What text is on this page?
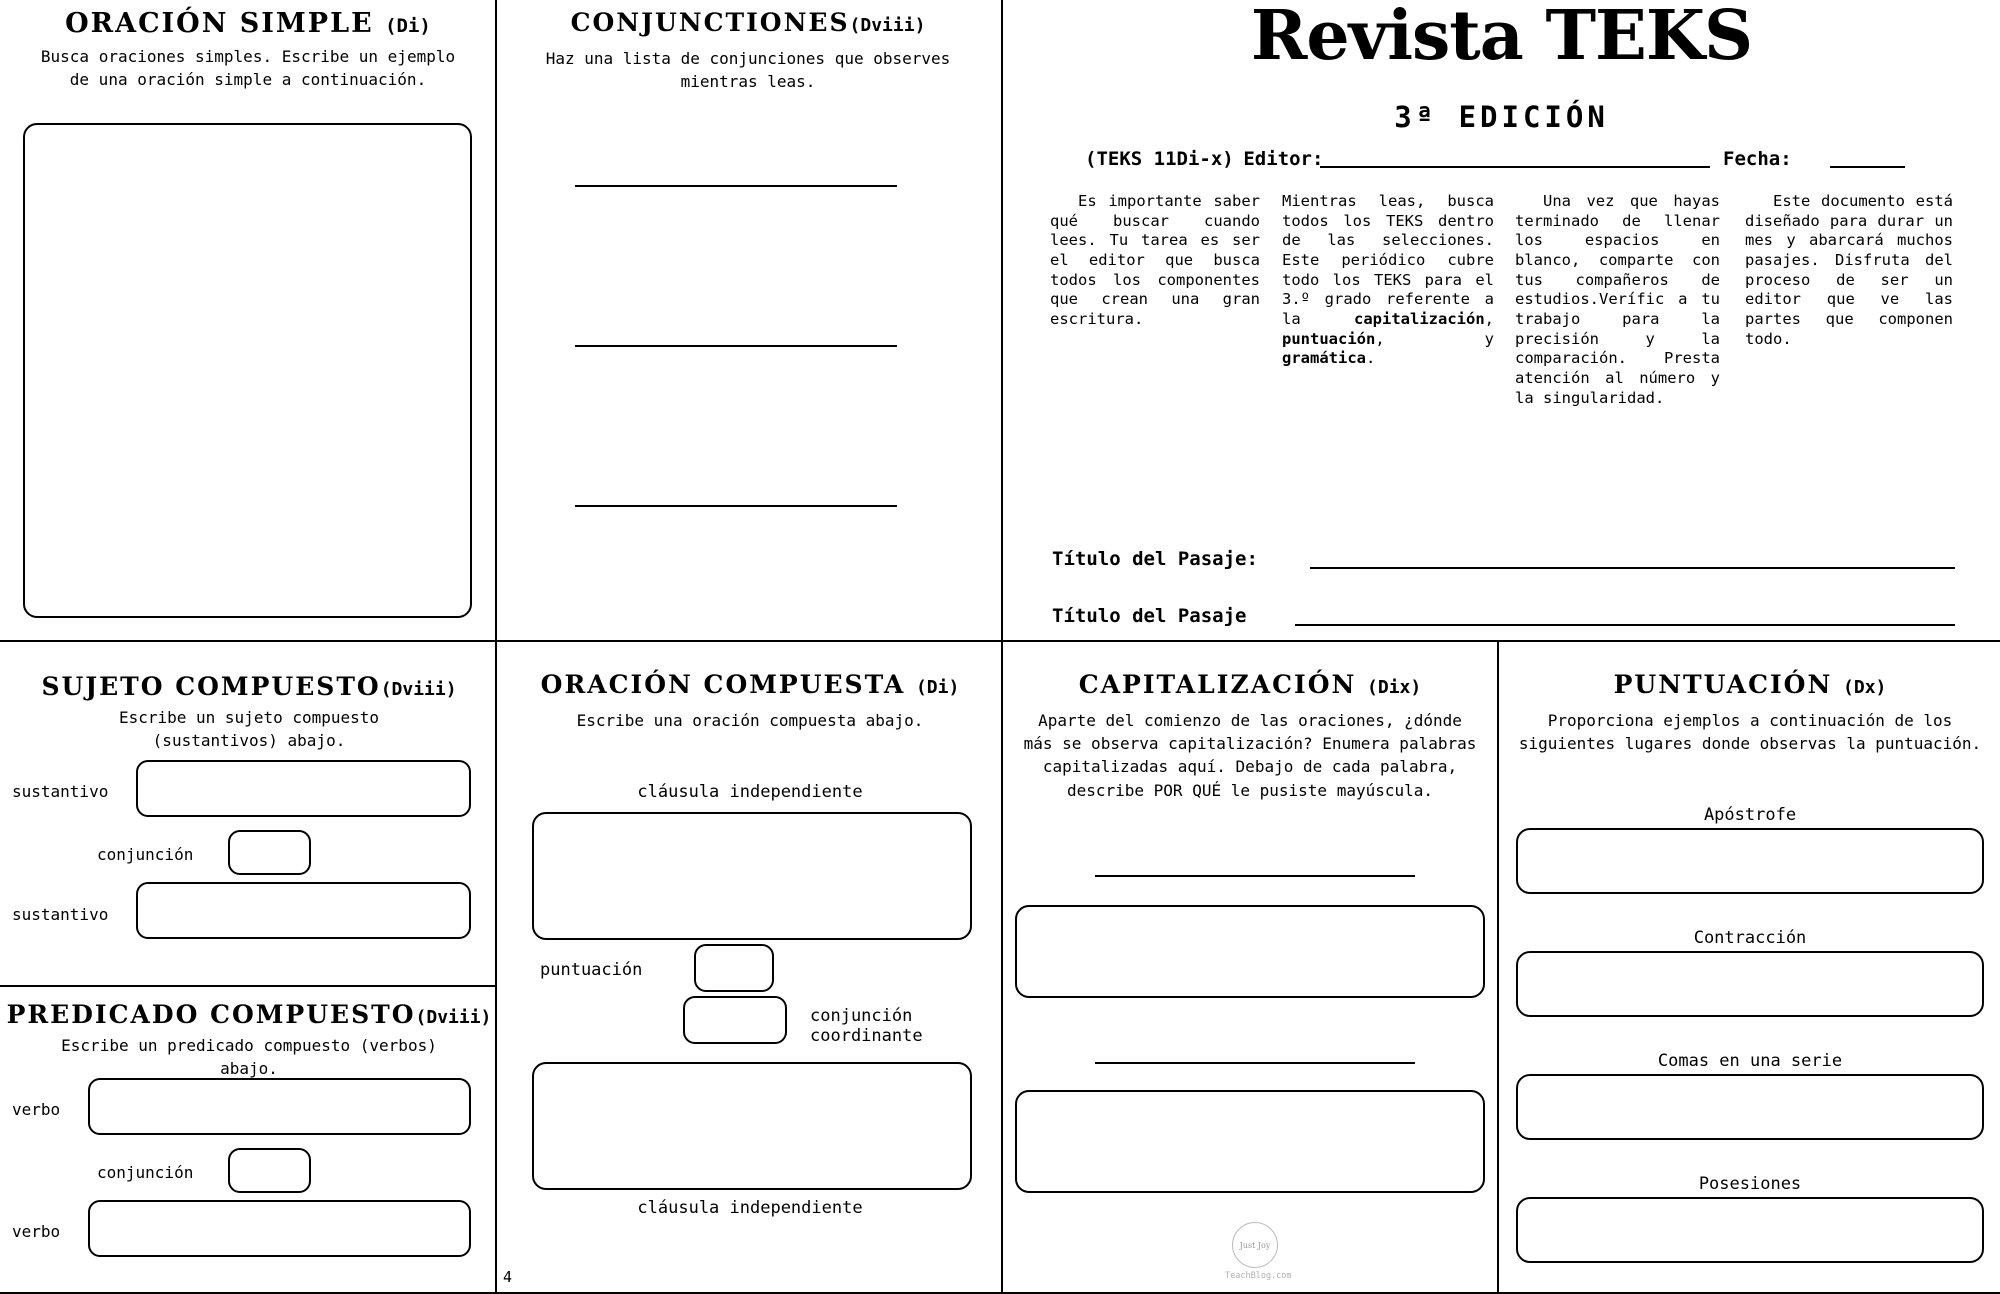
ORACIÓN SIMPLE (Di)
Busca oraciones simples. Escribe un ejemplo de una oración simple a continuación.
CONJUNCTIONES(Dviii)
Haz una lista de conjunciones que observes mientras leas.
Revista TEKS
3ª EDICIÓN
(TEKS 11Di-x) Editor:	Fecha:
Es importante saber qué buscar cuando lees. Tu tarea es ser el editor que busca todos los componentes que crean una gran escritura.
Mientras leas, busca todos los TEKS dentro de las selecciones. Este periódico cubre todo los TEKS para el 3.º grado referente a la capitalización, puntuación, y gramática.
Una vez que hayas terminado de llenar los espacios en blanco, comparte con tus compañeros de estudios.Verífic a tu trabajo para la precisión y la comparación. Presta atención al número y la singularidad.
Este documento está diseñado para durar un mes y abarcará muchos pasajes. Disfruta del proceso de ser un editor que ve las partes que componen todo.
Título del Pasaje:
Título del Pasaje
SUJETO COMPUESTO(Dviii)
Escribe un sujeto compuesto (sustantivos) abajo.
sustantivo
conjunción
sustantivo
PREDICADO COMPUESTO(Dviii)
Escribe un predicado compuesto (verbos) abajo.
verbo
conjunción
verbo
4
ORACIÓN COMPUESTA (Di)
Escribe una oración compuesta abajo.
cláusula independiente
puntuación
conjunción
coordinante
cláusula independiente
CAPITALIZACIÓN (Dix)
Aparte del comienzo de las oraciones, ¿dónde más se observa capitalización? Enumera palabras capitalizadas aquí. Debajo de cada palabra, describe POR QUÉ le pusiste mayúscula.
Just Joy
TeachBlog.com
PUNTUACIÓN (Dx)
Proporciona ejemplos a continuación de los siguientes lugares donde observas la puntuación.
Apóstrofe
Contracción
Comas en una serie
Posesiones
